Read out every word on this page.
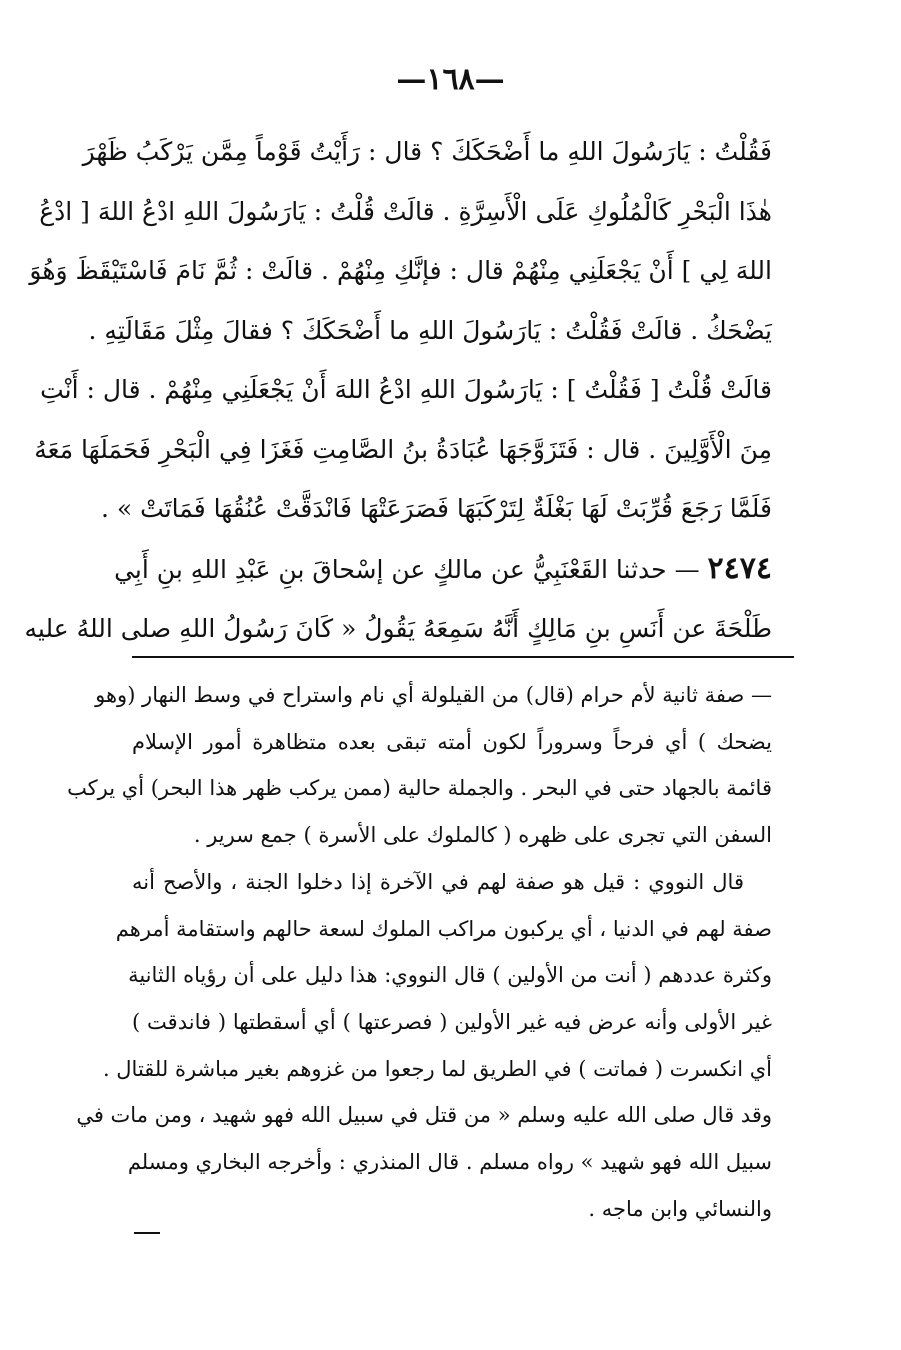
—١٦٨—
فَقُلْتُ : يَارَسُولَ اللهِ ما أَضْحَكَكَ ؟ قال : رَأَيْتُ قَوْماً مِمَّن يَرْكَبُ ظَهْرَ
هٰذَا الْبَحْرِ كَالْمُلُوكِ عَلَى الْأَسِرَّةِ . قالَتْ قُلْتُ : يَارَسُولَ اللهِ ادْعُ اللهَ [ ادْعُ
اللهَ لِي ] أَنْ يَجْعَلَنِي مِنْهُمْ قال : فإنَّكِ مِنْهُمْ . قالَتْ : ثُمَّ نَامَ فَاسْتَيْقَظَ وَهُوَ
يَضْحَكُ . قالَتْ فَقُلْتُ : يَارَسُولَ اللهِ ما أَضْحَكَكَ ؟ فقالَ مِثْلَ مَقَالَتِهِ .
قالَتْ قُلْتُ [ فَقُلْتُ ] : يَارَسُولَ اللهِ ادْعُ اللهَ أَنْ يَجْعَلَنِي مِنْهُمْ . قال : أَنْتِ
مِنَ الْأَوَّلِينَ . قال : فَتَزَوَّجَهَا عُبَادَةُ بنُ الصَّامِتِ فَغَزَا فِي الْبَحْرِ فَحَمَلَهَا مَعَهُ
فَلَمَّا رَجَعَ قُرِّبَتْ لَهَا بَغْلَةٌ لِتَرْكَبَهَا فَصَرَعَتْهَا فَانْدَقَّتْ عُنُقُهَا فَمَاتَتْ » .
٢٤٧٤ — حدثنا القَعْنَبِيُّ عن مالكٍ عن إسْحاقَ بنِ عَبْدِ اللهِ بنِ أَبِي
طَلْحَةَ عن أَنَسِ بنِ مَالِكٍ أَنَّهُ سَمِعَهُ يَقُولُ « كَانَ رَسُولُ اللهِ صلى اللهُ عليه
— صفة ثانية لأم حرام (قال) من القيلولة أي نام واستراح في وسط النهار (وهو
يضحك ) أي فرحاً وسروراً لكون أمته تبقى بعده متظاهرة أمور الإسلام
قائمة بالجهاد حتى في البحر . والجملة حالية (ممن يركب ظهر هذا البحر) أي يركب
السفن التي تجرى على ظهره ( كالملوك على الأسرة ) جمع سرير .
قال النووي : قيل هو صفة لهم في الآخرة إذا دخلوا الجنة ، والأصح أنه
صفة لهم في الدنيا ، أي يركبون مراكب الملوك لسعة حالهم واستقامة أمرهم
وكثرة عددهم ( أنت من الأولين ) قال النووي: هذا دليل على أن رؤياه الثانية
غير الأولى وأنه عرض فيه غير الأولين ( فصرعتها ) أي أسقطتها ( فاندقت )
أي انكسرت ( فماتت ) في الطريق لما رجعوا من غزوهم بغير مباشرة للقتال .
وقد قال صلى الله عليه وسلم « من قتل في سبيل الله فهو شهيد ، ومن مات في
سبيل الله فهو شهيد » رواه مسلم . قال المنذري : وأخرجه البخاري ومسلم
والنسائي وابن ماجه .
